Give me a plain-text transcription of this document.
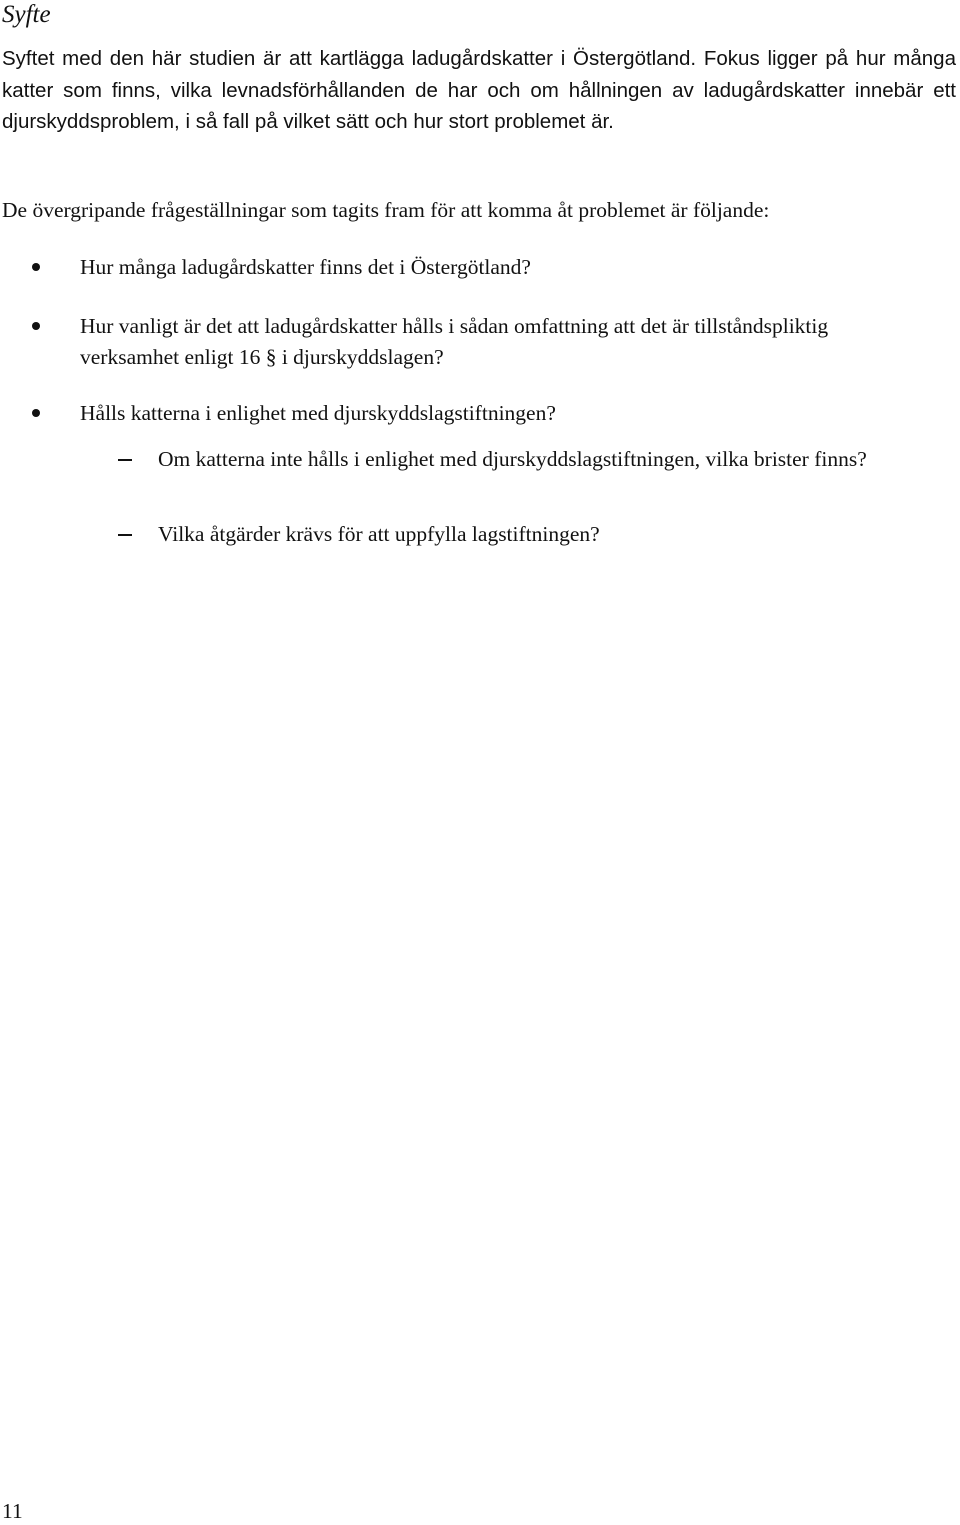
Syfte

Syftet med den här studien är att kartlägga ladugårdskatter i Östergötland. Fokus ligger på hur många katter som finns, vilka levnadsförhållanden de har och om hållningen av ladugårdskatter innebär ett djurskyddsproblem, i så fall på vilket sätt och hur stort problemet är.

De övergripande frågeställningar som tagits fram för att komma åt problemet är följande:

Hur många ladugårdskatter finns det i Östergötland?
Hur vanligt är det att ladugårdskatter hålls i sådan omfattning att det är tillståndspliktig verksamhet enligt 16 § i djurskyddslagen?
Hålls katterna i enlighet med djurskyddslagstiftningen?
Om katterna inte hålls i enlighet med djurskyddslagstiftningen, vilka brister finns?
Vilka åtgärder krävs för att uppfylla lagstiftningen?
11
